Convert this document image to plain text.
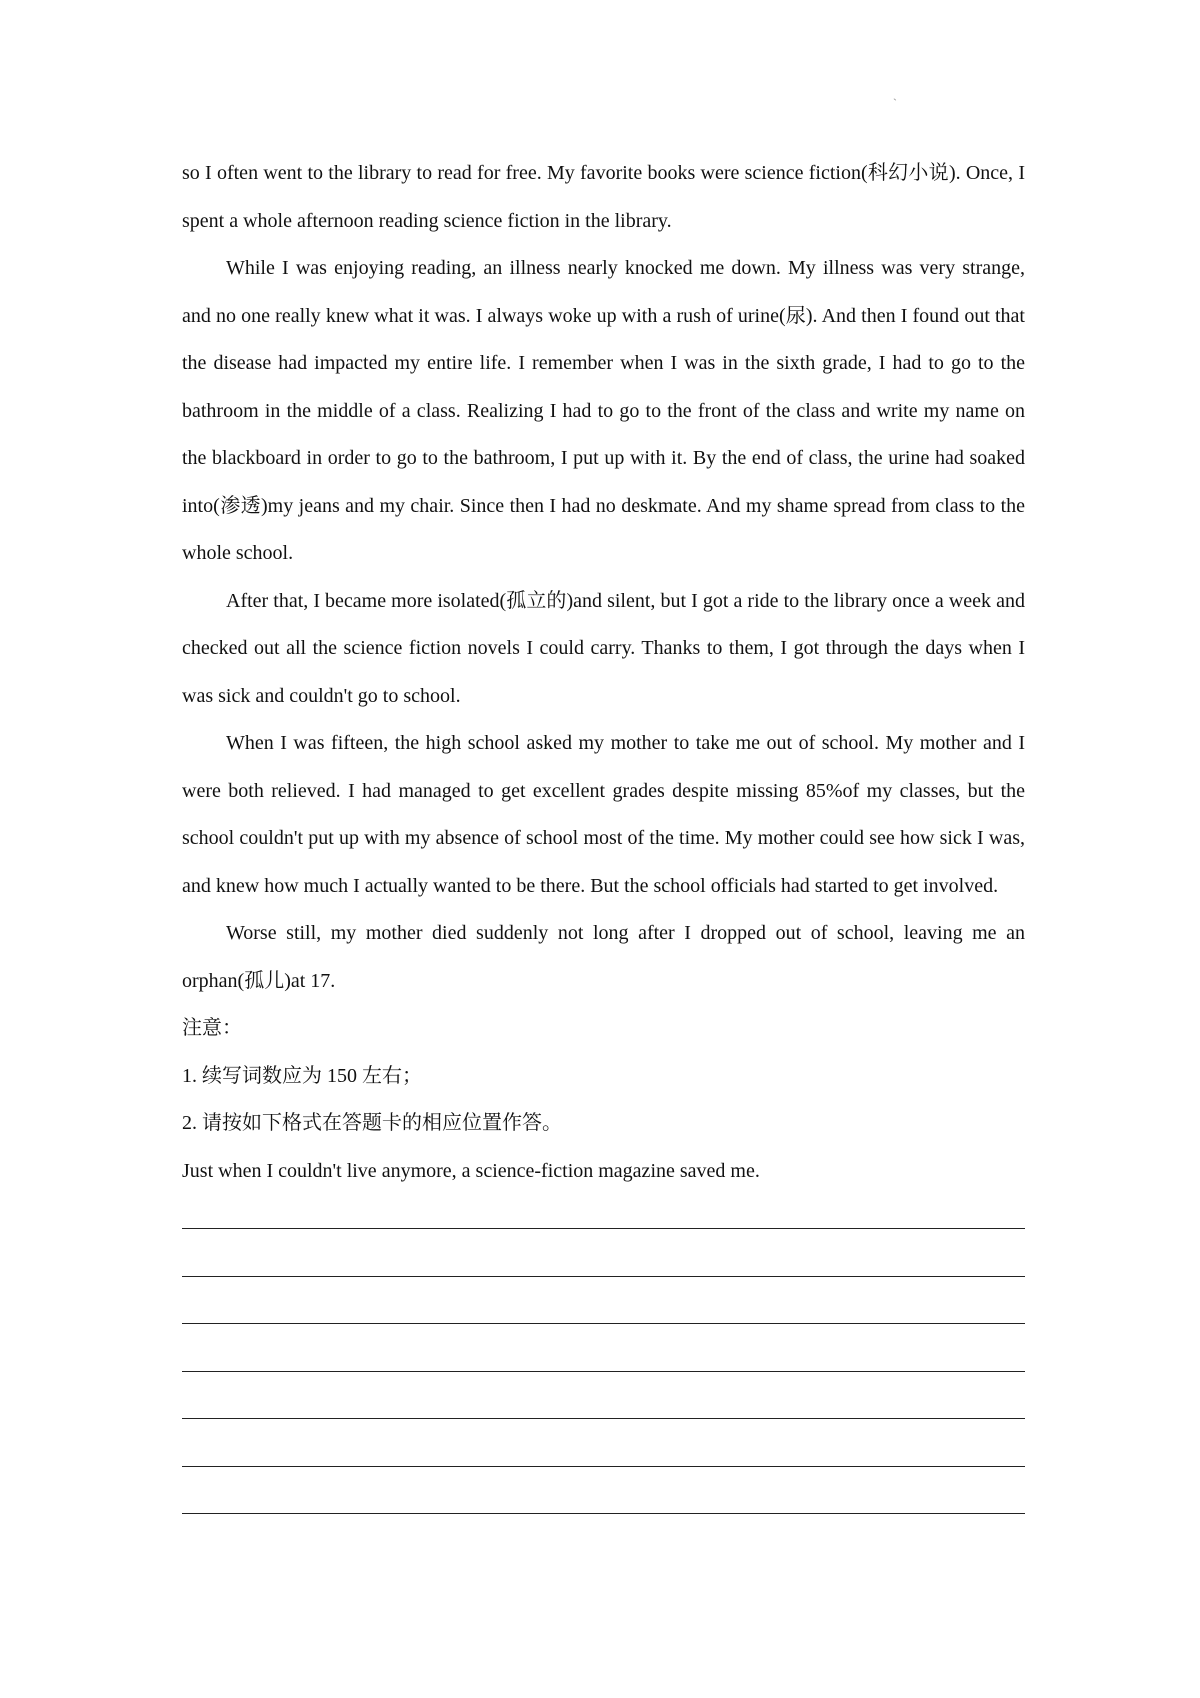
`

so I often went to the library to read for free. My favorite books were science fiction(科幻小说). Once, I spent a whole afternoon reading science fiction in the library.

While I was enjoying reading, an illness nearly knocked me down. My illness was very strange, and no one really knew what it was. I always woke up with a rush of urine(尿). And then I found out that the disease had impacted my entire life. I remember when I was in the sixth grade, I had to go to the bathroom in the middle of a class. Realizing I had to go to the front of the class and write my name on the blackboard in order to go to the bathroom, I put up with it. By the end of class, the urine had soaked into(渗透)my jeans and my chair. Since then I had no deskmate. And my shame spread from class to the whole school.

After that, I became more isolated(孤立的)and silent, but I got a ride to the library once a week and checked out all the science fiction novels I could carry. Thanks to them, I got through the days when I was sick and couldn't go to school.

When I was fifteen, the high school asked my mother to take me out of school. My mother and I were both relieved. I had managed to get excellent grades despite missing 85%of my classes, but the school couldn't put up with my absence of school most of the time. My mother could see how sick I was, and knew how much I actually wanted to be there. But the school officials had started to get involved.

Worse still, my mother died suddenly not long after I dropped out of school, leaving me an orphan(孤儿)at 17.

注意：

1. 续写词数应为 150 左右；

2. 请按如下格式在答题卡的相应位置作答。

Just when I couldn't live anymore, a science-fiction magazine saved me.
